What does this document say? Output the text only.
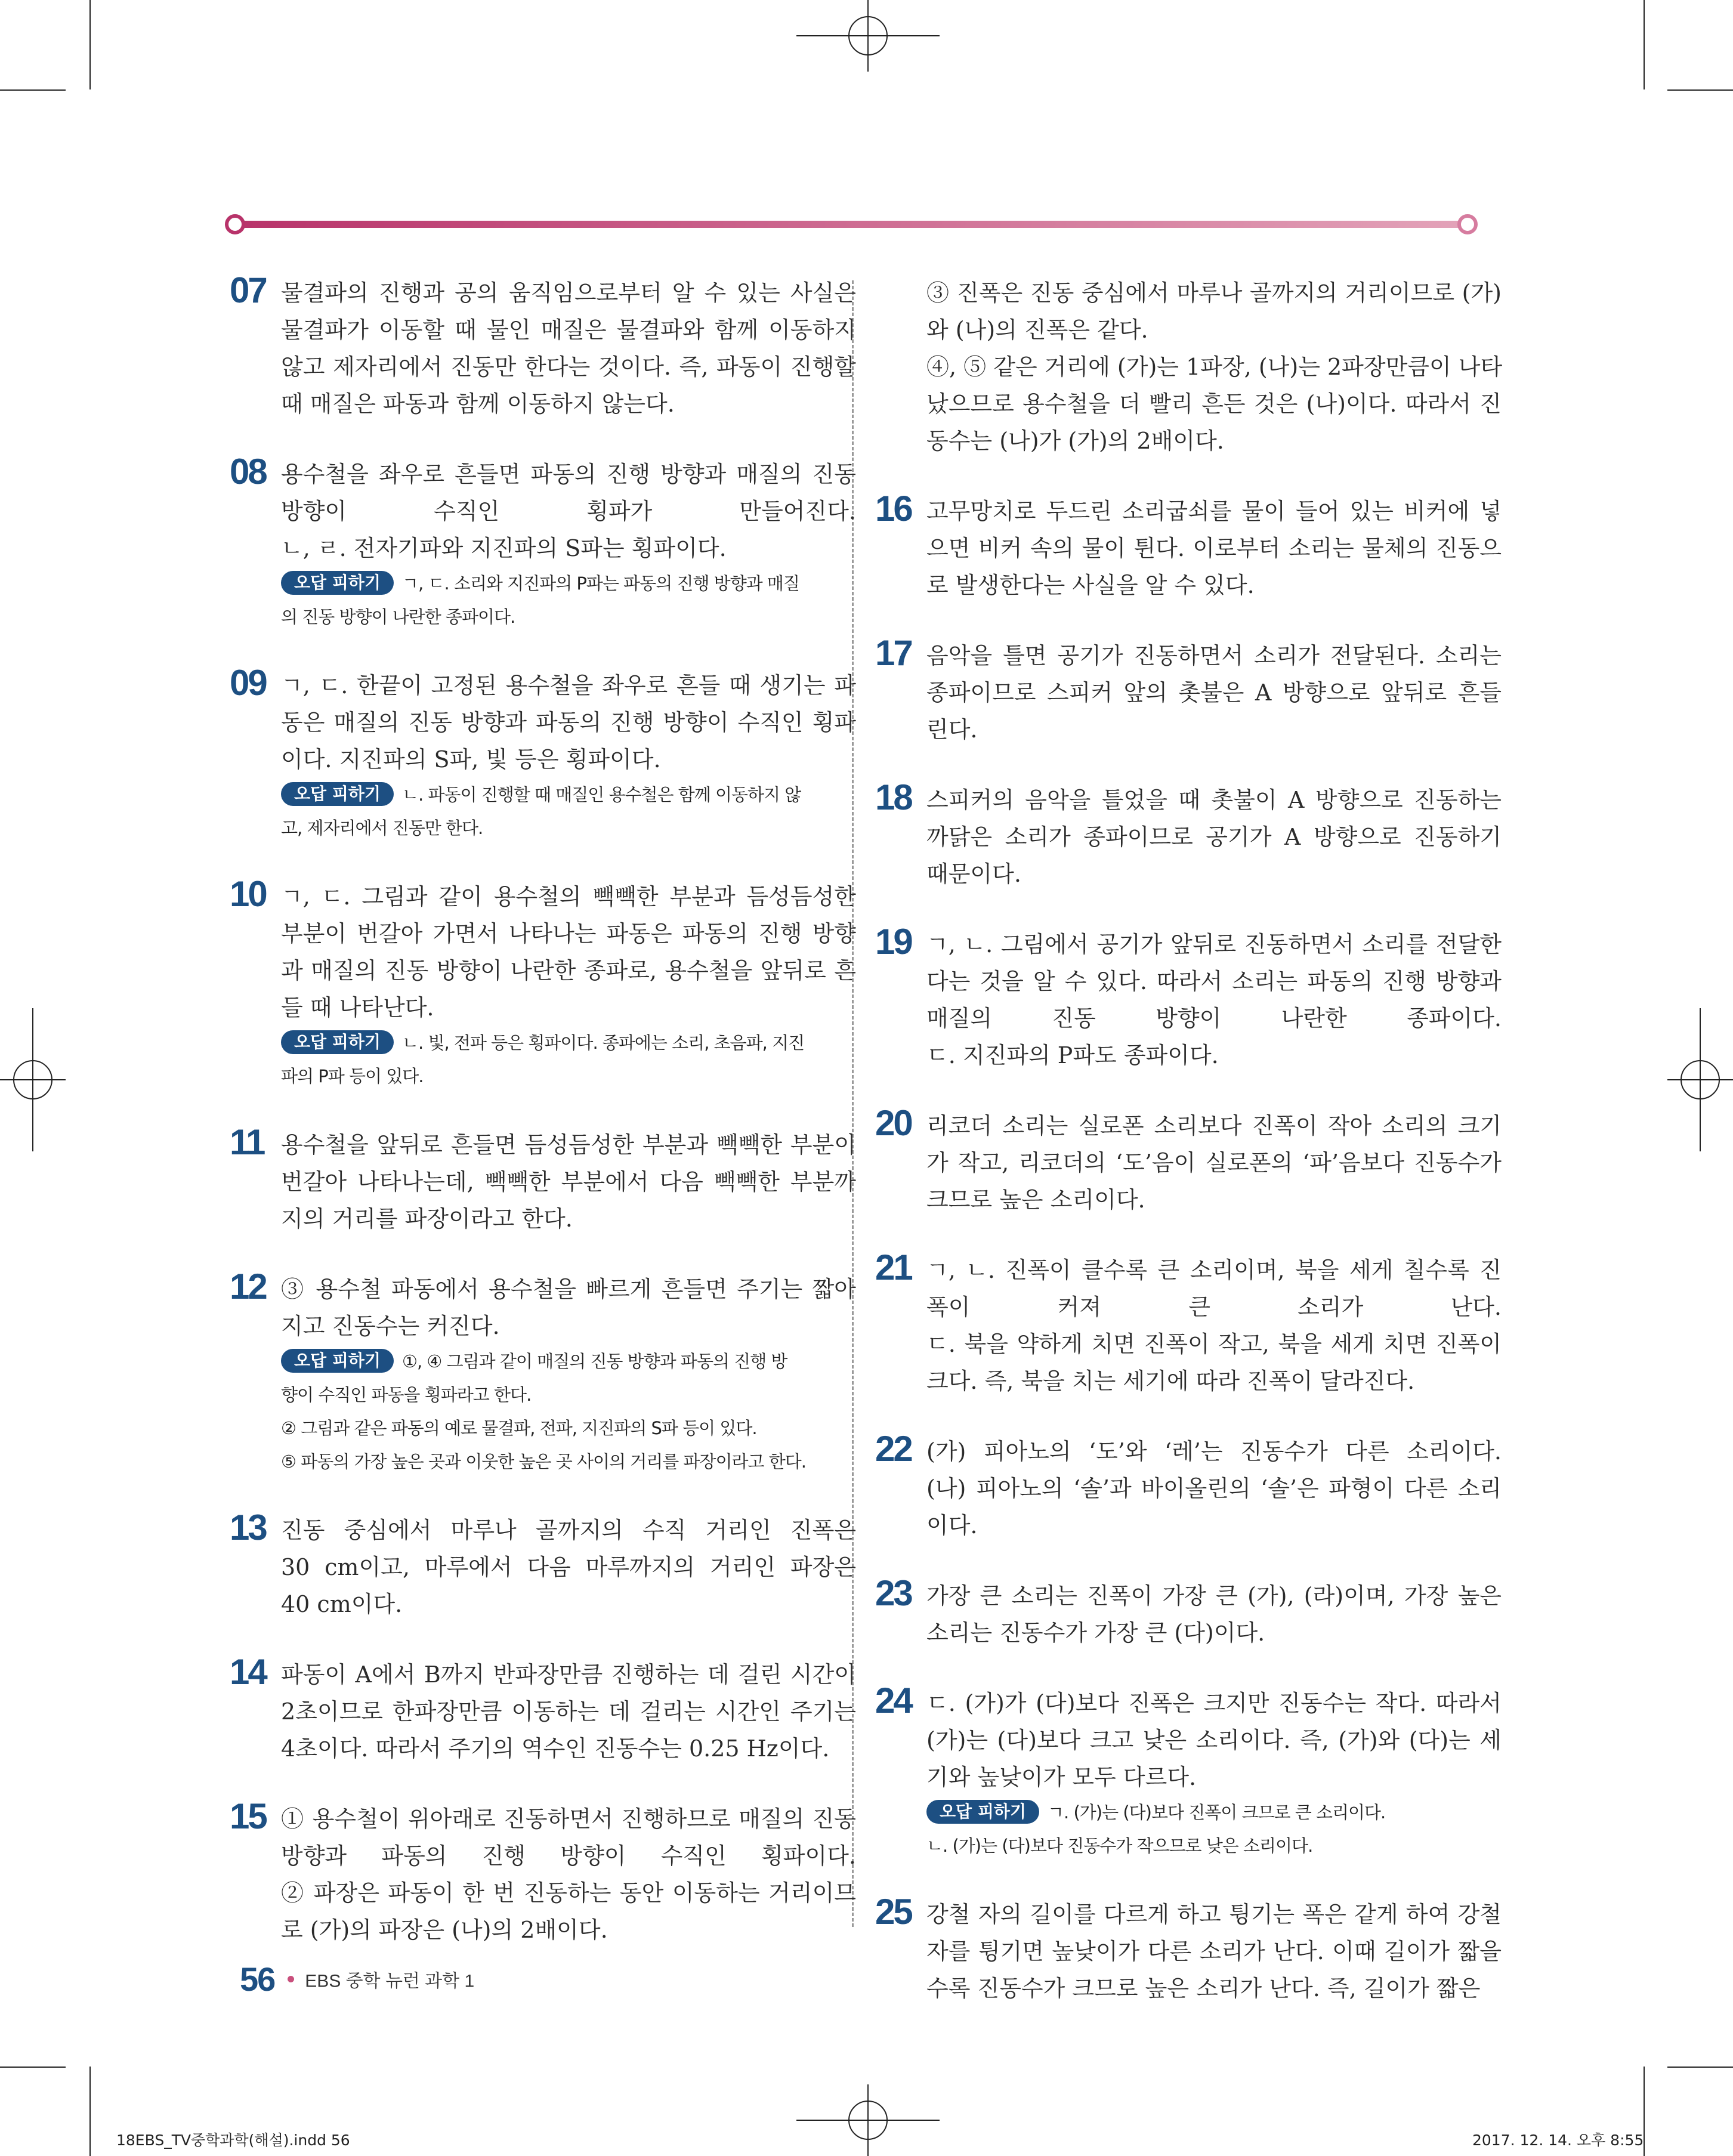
07 물결파의 진행과 공의 움직임으로부터 알 수 있는 사실은
물결파가 이동할 때 물인 매질은 물결파와 함께 이동하지
않고 제자리에서 진동만 한다는 것이다. 즉, 파동이 진행할
때 매질은 파동과 함께 이동하지 않는다.
08 용수철을 좌우로 흔들면 파동의 진행 방향과 매질의 진동
방향이 수직인 횡파가 만들어진다.
ㄴ, ㄹ. 전자기파와 지진파의 S파는 횡파이다.
오답 피하기 ㄱ, ㄷ. 소리와 지진파의 P파는 파동의 진행 방향과 매질
의 진동 방향이 나란한 종파이다.
09 ㄱ, ㄷ. 한끝이 고정된 용수철을 좌우로 흔들 때 생기는 파
동은 매질의 진동 방향과 파동의 진행 방향이 수직인 횡파
이다. 지진파의 S파, 빛 등은 횡파이다.
오답 피하기 ㄴ. 파동이 진행할 때 매질인 용수철은 함께 이동하지 않
고, 제자리에서 진동만 한다.
10 ㄱ, ㄷ. 그림과 같이 용수철의 빽빽한 부분과 듬성듬성한
부분이 번갈아 가면서 나타나는 파동은 파동의 진행 방향
과 매질의 진동 방향이 나란한 종파로, 용수철을 앞뒤로 흔
들 때 나타난다.
오답 피하기 ㄴ. 빛, 전파 등은 횡파이다. 종파에는 소리, 초음파, 지진
파의 P파 등이 있다.
11 용수철을 앞뒤로 흔들면 듬성듬성한 부분과 빽빽한 부분이
번갈아 나타나는데, 빽빽한 부분에서 다음 빽빽한 부분까
지의 거리를 파장이라고 한다.
12 ③ 용수철 파동에서 용수철을 빠르게 흔들면 주기는 짧아
지고 진동수는 커진다.
오답 피하기 ①, ④ 그림과 같이 매질의 진동 방향과 파동의 진행 방
향이 수직인 파동을 횡파라고 한다.
② 그림과 같은 파동의 예로 물결파, 전파, 지진파의 S파 등이 있다.
⑤ 파동의 가장 높은 곳과 이웃한 높은 곳 사이의 거리를 파장이라고 한다.
13 진동 중심에서 마루나 골까지의 수직 거리인 진폭은
30 cm이고, 마루에서 다음 마루까지의 거리인 파장은
40 cm이다.
14 파동이 A에서 B까지 반파장만큼 진행하는 데 걸린 시간이
2초이므로 한파장만큼 이동하는 데 걸리는 시간인 주기는
4초이다. 따라서 주기의 역수인 진동수는 0.25 Hz이다.
15 ① 용수철이 위아래로 진동하면서 진행하므로 매질의 진동
방향과 파동의 진행 방향이 수직인 횡파이다.
② 파장은 파동이 한 번 진동하는 동안 이동하는 거리이므
로 (가)의 파장은 (나)의 2배이다.
③ 진폭은 진동 중심에서 마루나 골까지의 거리이므로 (가)
와 (나)의 진폭은 같다.
④, ⑤ 같은 거리에 (가)는 1파장, (나)는 2파장만큼이 나타
났으므로 용수철을 더 빨리 흔든 것은 (나)이다. 따라서 진
동수는 (나)가 (가)의 2배이다.
16 고무망치로 두드린 소리굽쇠를 물이 들어 있는 비커에 넣
으면 비커 속의 물이 튄다. 이로부터 소리는 물체의 진동으
로 발생한다는 사실을 알 수 있다.
17 음악을 틀면 공기가 진동하면서 소리가 전달된다. 소리는
종파이므로 스피커 앞의 촛불은 A 방향으로 앞뒤로 흔들
린다.
18 스피커의 음악을 틀었을 때 촛불이 A 방향으로 진동하는
까닭은 소리가 종파이므로 공기가 A 방향으로 진동하기
때문이다.
19 ㄱ, ㄴ. 그림에서 공기가 앞뒤로 진동하면서 소리를 전달한
다는 것을 알 수 있다. 따라서 소리는 파동의 진행 방향과
매질의 진동 방향이 나란한 종파이다.
ㄷ. 지진파의 P파도 종파이다.
20 리코더 소리는 실로폰 소리보다 진폭이 작아 소리의 크기
가 작고, 리코더의 ‘도’음이 실로폰의 ‘파’음보다 진동수가
크므로 높은 소리이다.
21 ㄱ, ㄴ. 진폭이 클수록 큰 소리이며, 북을 세게 칠수록 진
폭이 커져 큰 소리가 난다.
ㄷ. 북을 약하게 치면 진폭이 작고, 북을 세게 치면 진폭이
크다. 즉, 북을 치는 세기에 따라 진폭이 달라진다.
22 (가) 피아노의 ‘도’와 ‘레’는 진동수가 다른 소리이다.
(나) 피아노의 ‘솔’과 바이올린의 ‘솔’은 파형이 다른 소리
이다.
23 가장 큰 소리는 진폭이 가장 큰 (가), (라)이며, 가장 높은
소리는 진동수가 가장 큰 (다)이다.
24 ㄷ. (가)가 (다)보다 진폭은 크지만 진동수는 작다. 따라서
(가)는 (다)보다 크고 낮은 소리이다. 즉, (가)와 (다)는 세
기와 높낮이가 모두 다르다.
오답 피하기 ㄱ. (가)는 (다)보다 진폭이 크므로 큰 소리이다.
ㄴ. (가)는 (다)보다 진동수가 작으므로 낮은 소리이다.
25 강철 자의 길이를 다르게 하고 튕기는 폭은 같게 하여 강철
자를 튕기면 높낮이가 다른 소리가 난다. 이때 길이가 짧을
수록 진동수가 크므로 높은 소리가 난다. 즉, 길이가 짧은
56 EBS 중학 뉴런 과학 1
18EBS_TV중학과학(해설).indd 56	2017. 12. 14. 오후 8:55
